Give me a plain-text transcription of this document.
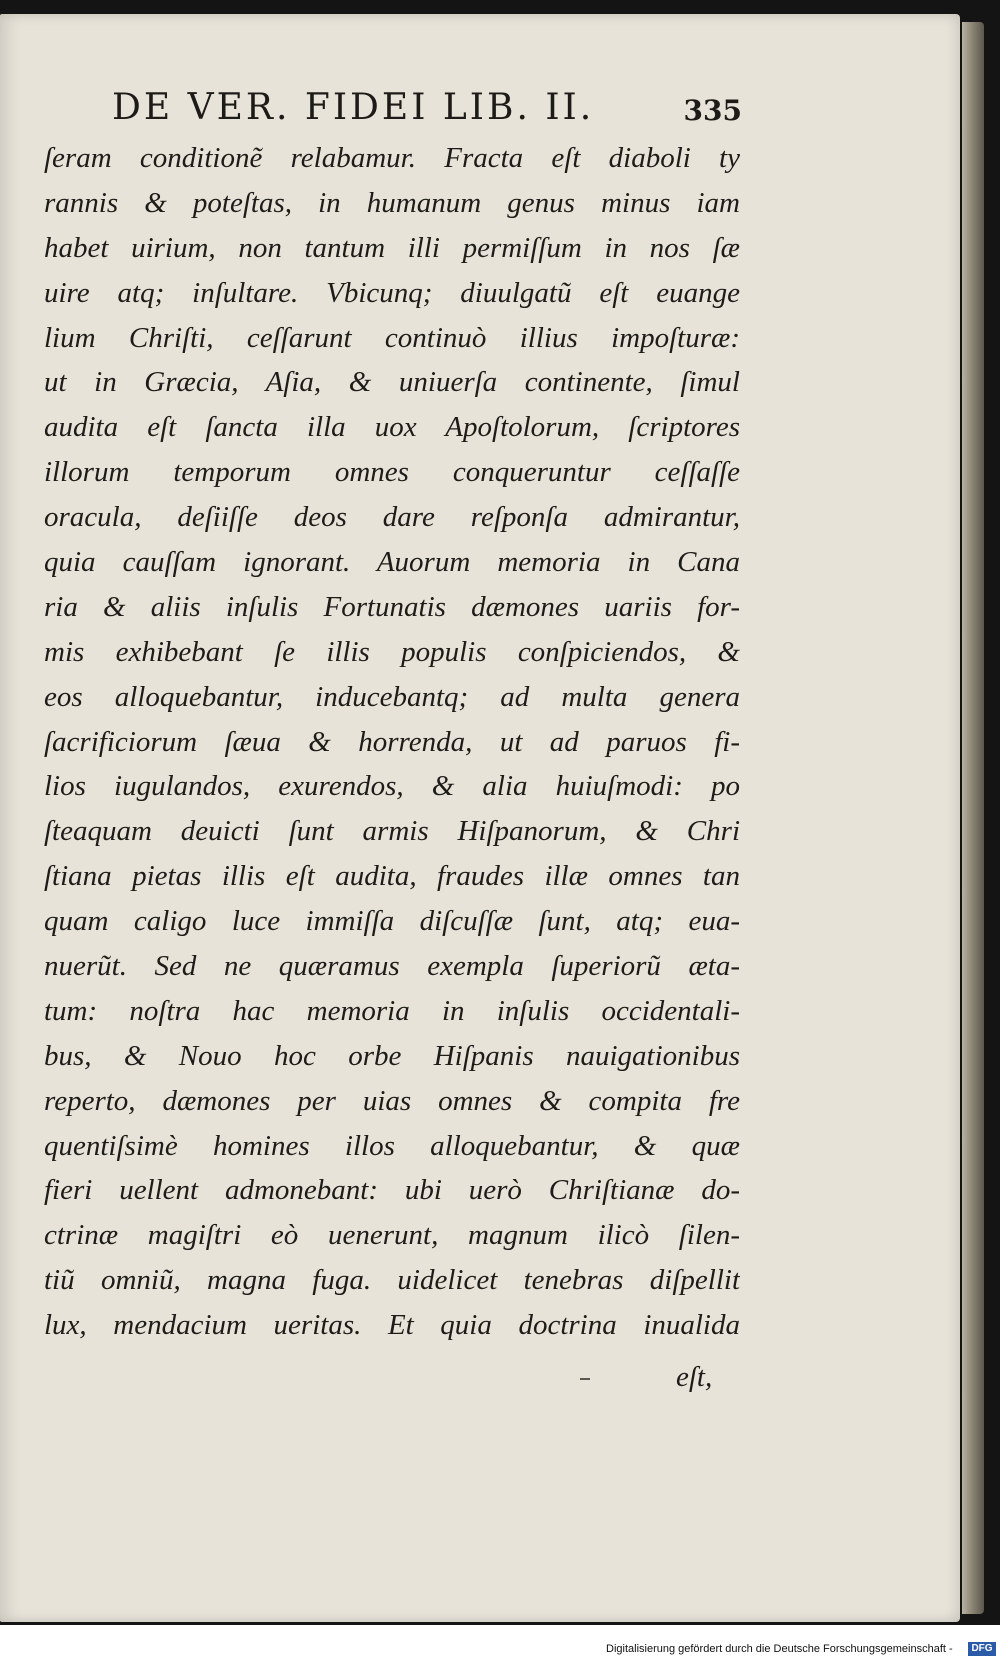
DE VER. FIDEI LIB. II.	335
ſeram conditionẽ relabamur. Fracta eſt diaboli ty
rannis & poteſtas, in humanum genus minus iam
habet uirium, non tantum illi permiſſum in nos ſæ
uire atq; inſultare. Vbicunq; diuulgatũ eſt euange
lium Chriſti, ceſſarunt continuò illius impoſturæ:
ut in Græcia, Aſia, & uniuerſa continente, ſimul
audita eſt ſancta illa uox Apoſtolorum, ſcriptores
illorum temporum omnes conqueruntur ceſſaſſe
oracula, deſiiſſe deos dare reſponſa admirantur,
quia cauſſam ignorant. Auorum memoria in Cana
ria & aliis inſulis Fortunatis dæmones uariis for-
mis exhibebant ſe illis populis conſpiciendos, &
eos alloquebantur, inducebantq; ad multa genera
ſacrificiorum ſæua & horrenda, ut ad paruos fi-
lios iugulandos, exurendos, & alia huiuſmodi: po
ſteaquam deuicti ſunt armis Hiſpanorum, & Chri
ſtiana pietas illis eſt audita, fraudes illæ omnes tan
quam caligo luce immiſſa diſcuſſæ ſunt, atq; eua-
nuerũt. Sed ne quæramus exempla ſuperiorũ æta-
tum: noſtra hac memoria in inſulis occidentali-
bus, & Nouo hoc orbe Hiſpanis nauigationibus
reperto, dæmones per uias omnes & compita fre
quentiſsimè homines illos alloquebantur, & quæ
fieri uellent admonebant: ubi uerò Chriſtianæ do-
ctrinæ magiſtri eò uenerunt, magnum ilicò ſilen-
tiũ omniũ, magna fuga. uidelicet tenebras diſpellit
lux, mendacium ueritas. Et quia doctrina inualida
eſt,
Digitalisierung gefördert durch die Deutsche Forschungsgemeinschaft -	DFG
